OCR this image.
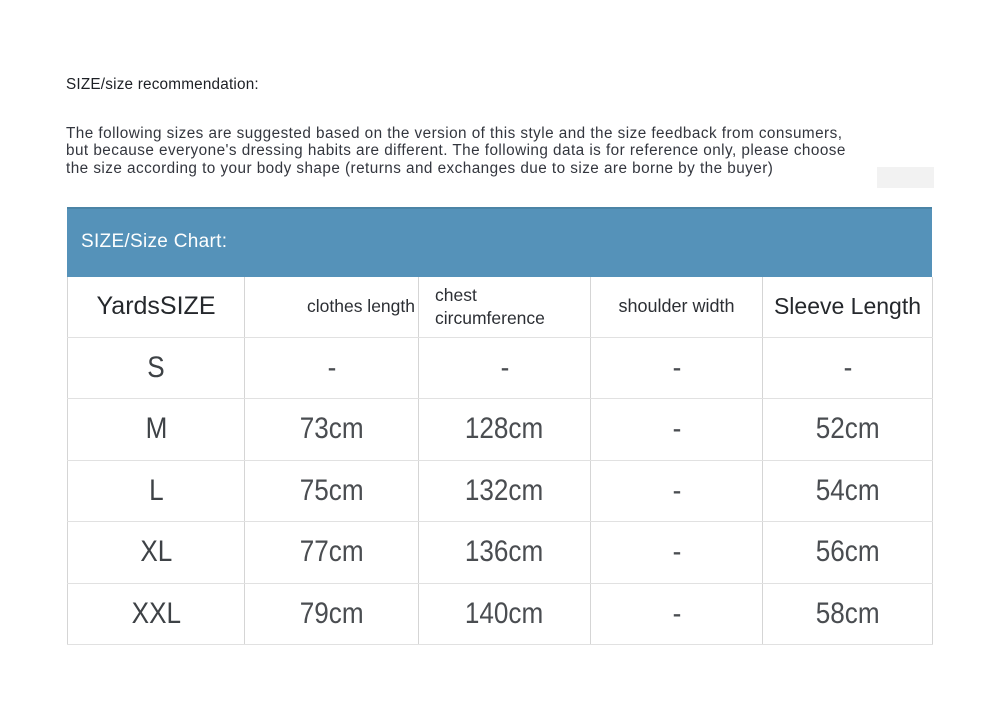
SIZE/size recommendation:
The following sizes are suggested based on the version of this style and the size feedback from consumers,
but because everyone's dressing habits are different. The following data is for reference only, please choose
the size according to your body shape (returns and exchanges due to size are borne by the buyer)
SIZE/Size Chart:
YardsSIZE	clothes length	chest circumference	shoulder width	Sleeve Length
S	-	-	-	-
M	73cm	128cm	-	52cm
L	75cm	132cm	-	54cm
XL	77cm	136cm	-	56cm
XXL	79cm	140cm	-	58cm
